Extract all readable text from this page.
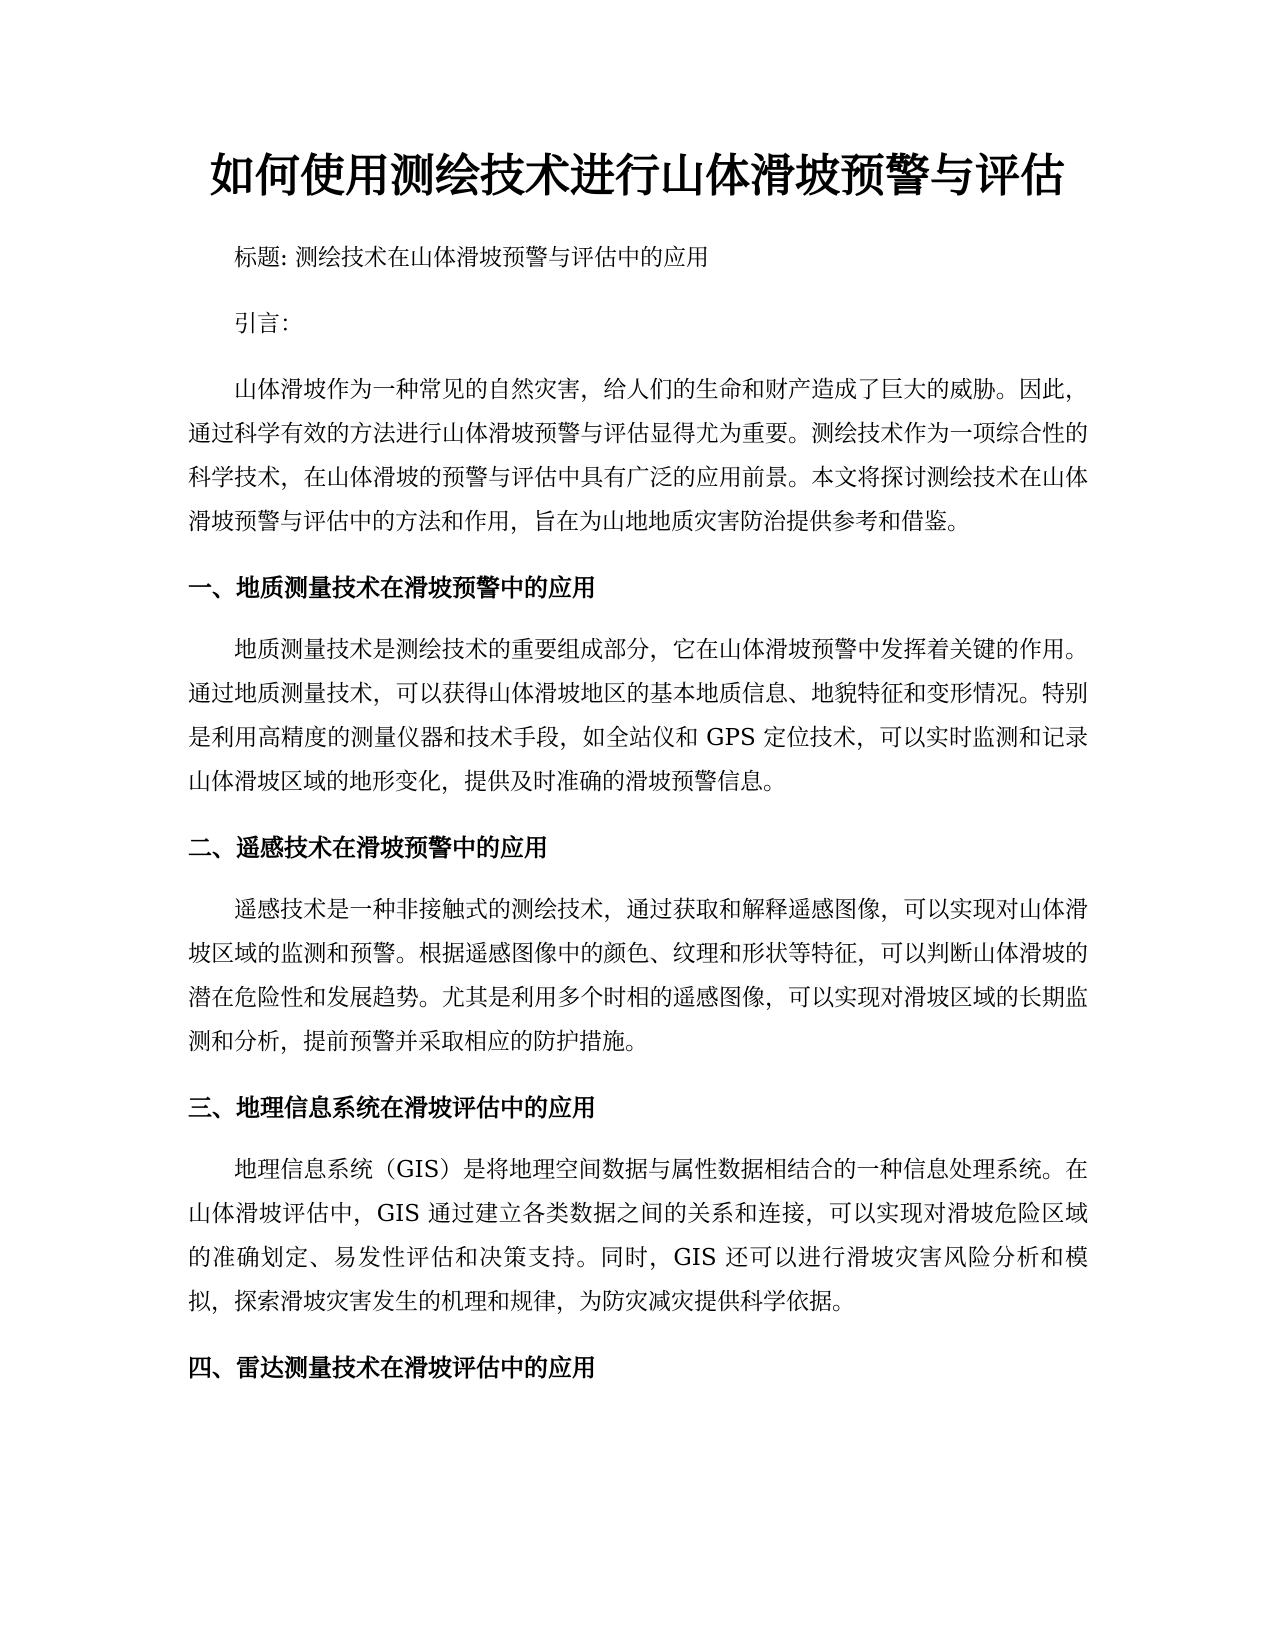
如何使用测绘技术进行山体滑坡预警与评估

标题: 测绘技术在山体滑坡预警与评估中的应用

引言：

山体滑坡作为一种常见的自然灾害，给人们的生命和财产造成了巨大的威胁。因此，通过科学有效的方法进行山体滑坡预警与评估显得尤为重要。测绘技术作为一项综合性的科学技术，在山体滑坡的预警与评估中具有广泛的应用前景。本文将探讨测绘技术在山体滑坡预警与评估中的方法和作用，旨在为山地地质灾害防治提供参考和借鉴。

一、地质测量技术在滑坡预警中的应用

地质测量技术是测绘技术的重要组成部分，它在山体滑坡预警中发挥着关键的作用。通过地质测量技术，可以获得山体滑坡地区的基本地质信息、地貌特征和变形情况。特别是利用高精度的测量仪器和技术手段，如全站仪和 GPS 定位技术，可以实时监测和记录山体滑坡区域的地形变化，提供及时准确的滑坡预警信息。

二、遥感技术在滑坡预警中的应用

遥感技术是一种非接触式的测绘技术，通过获取和解释遥感图像，可以实现对山体滑坡区域的监测和预警。根据遥感图像中的颜色、纹理和形状等特征，可以判断山体滑坡的潜在危险性和发展趋势。尤其是利用多个时相的遥感图像，可以实现对滑坡区域的长期监测和分析，提前预警并采取相应的防护措施。

三、地理信息系统在滑坡评估中的应用

地理信息系统（GIS）是将地理空间数据与属性数据相结合的一种信息处理系统。在山体滑坡评估中，GIS 通过建立各类数据之间的关系和连接，可以实现对滑坡危险区域的准确划定、易发性评估和决策支持。同时，GIS 还可以进行滑坡灾害风险分析和模拟，探索滑坡灾害发生的机理和规律，为防灾减灾提供科学依据。

四、雷达测量技术在滑坡评估中的应用
